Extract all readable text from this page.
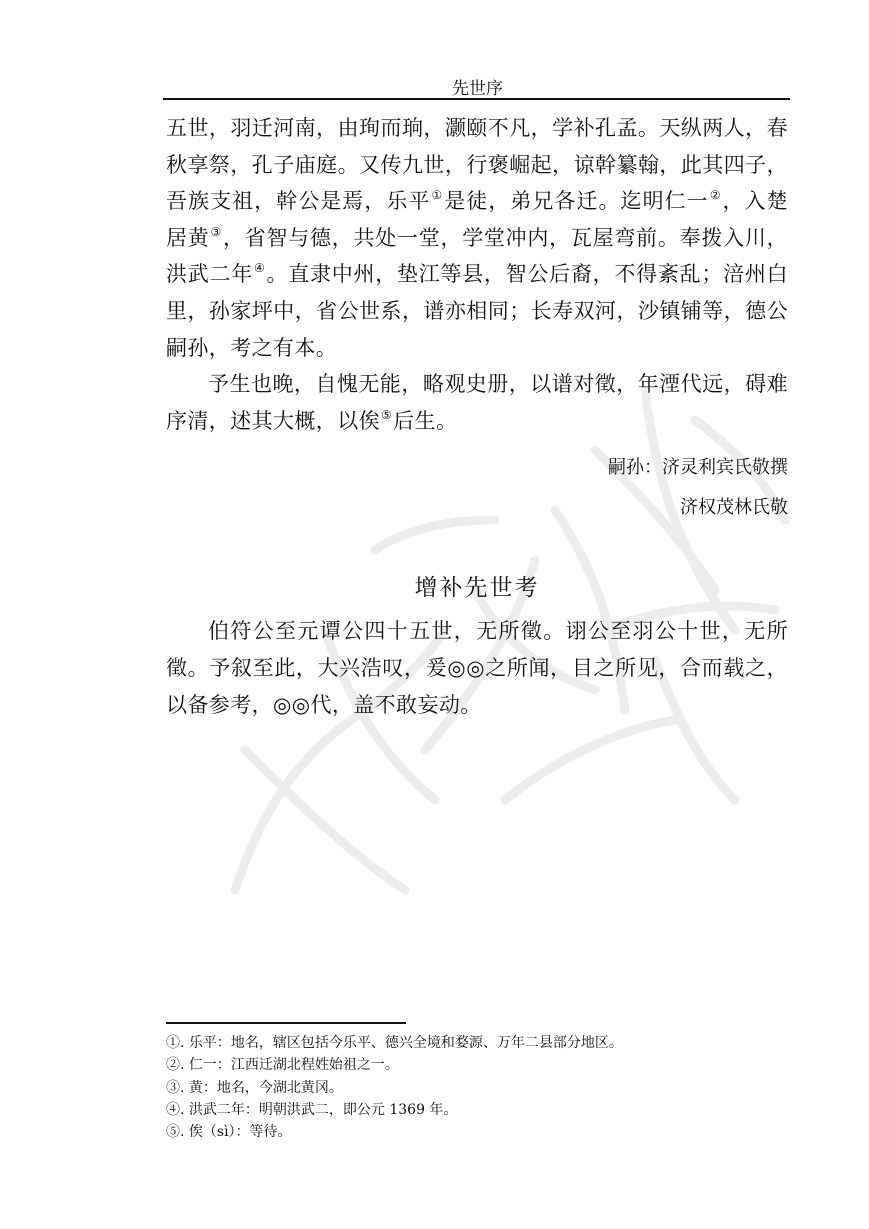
先世序

五世，羽迁河南，由珣而珦，灏颐不凡，学补孔孟。天纵两人，春秋享祭，孔子庙庭。又传九世，行褒崛起，谅幹纂翰，此其四子，吾族支祖，幹公是焉，乐平①是徒，弟兄各迁。迄明仁一②，入楚居黄③，省智与德，共处一堂，学堂冲内，瓦屋弯前。奉拨入川，洪武二年④。直隶中州，垫江等县，智公后裔，不得紊乱；涪州白里，孙家坪中，省公世系，谱亦相同；长寿双河，沙镇铺等，德公嗣孙，考之有本。

予生也晚，自愧无能，略观史册，以谱对徵，年湮代远，碍难序清，述其大概，以俟⑤后生。

嗣孙：济灵利宾氏敬撰
济权茂林氏敬
增补先世考

伯符公至元谭公四十五世，无所徵。诩公至羽公十世，无所徵。予叙至此，大兴浩叹，爰◎◎之所闻，目之所见，合而载之，以备参考，◎◎代，盖不敢妄动。

①. 乐平：地名，辖区包括今乐平、德兴全境和婺源、万年二县部分地区。
②. 仁一：江西迁湖北程姓始祖之一。
③. 黄：地名，今湖北黄冈。
④. 洪武二年：明朝洪武二，即公元 1369 年。
⑤. 俟（sì）：等待。
